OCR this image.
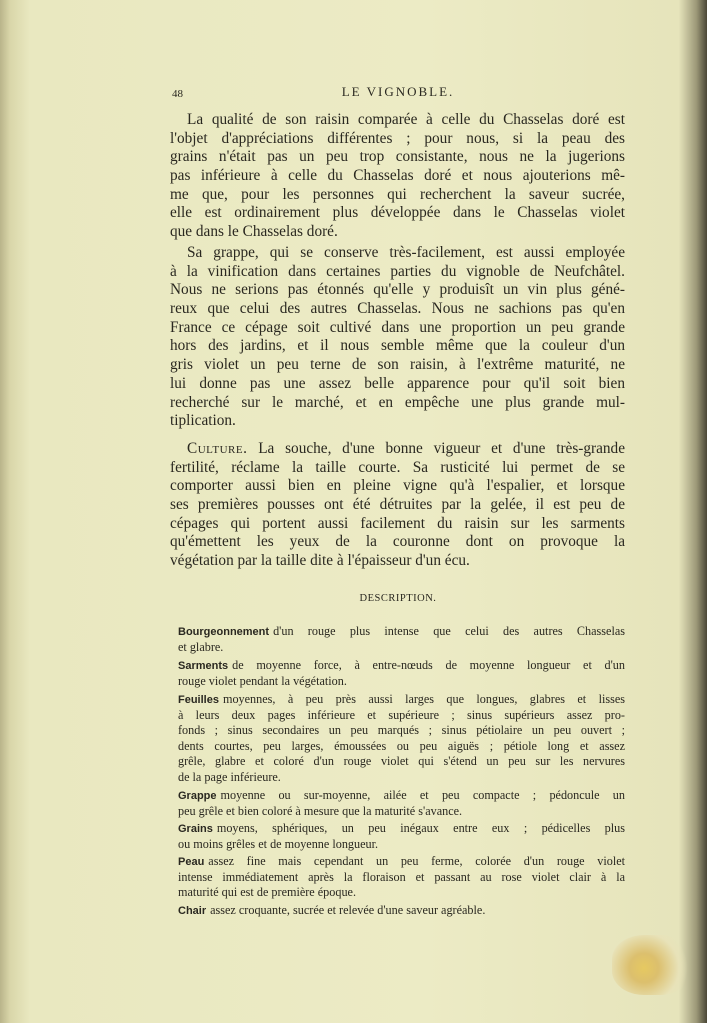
48	LE VIGNOBLE.
La qualité de son raisin comparée à celle du Chasselas doré est
l'objet d'appréciations différentes ; pour nous, si la peau des
grains n'était pas un peu trop consistante, nous ne la jugerions
pas inférieure à celle du Chasselas doré et nous ajouterions mê-
me que, pour les personnes qui recherchent la saveur sucrée,
elle est ordinairement plus développée dans le Chasselas violet
que dans le Chasselas doré.
Sa grappe, qui se conserve très-facilement, est aussi employée
à la vinification dans certaines parties du vignoble de Neufchâtel.
Nous ne serions pas étonnés qu'elle y produisît un vin plus géné-
reux que celui des autres Chasselas. Nous ne sachions pas qu'en
France ce cépage soit cultivé dans une proportion un peu grande
hors des jardins, et il nous semble même que la couleur d'un
gris violet un peu terne de son raisin, à l'extrême maturité, ne
lui donne pas une assez belle apparence pour qu'il soit bien
recherché sur le marché, et en empêche une plus grande mul-
tiplication.
Culture. La souche, d'une bonne vigueur et d'une très-grande
fertilité, réclame la taille courte. Sa rusticité lui permet de se
comporter aussi bien en pleine vigne qu'à l'espalier, et lorsque
ses premières pousses ont été détruites par la gelée, il est peu de
cépages qui portent aussi facilement du raisin sur les sarments
qu'émettent les yeux de la couronne dont on provoque la
végétation par la taille dite à l'épaisseur d'un écu.
DESCRIPTION.
Bourgeonnement d'un rouge plus intense que celui des autres Chasselas
et glabre.
Sarments de moyenne force, à entre-nœuds de moyenne longueur et d'un
rouge violet pendant la végétation.
Feuilles moyennes, à peu près aussi larges que longues, glabres et lisses
à leurs deux pages inférieure et supérieure ; sinus supérieurs assez pro-
fonds ; sinus secondaires un peu marqués ; sinus pétiolaire un peu ouvert ;
dents courtes, peu larges, émoussées ou peu aiguës ; pétiole long et assez
grêle, glabre et coloré d'un rouge violet qui s'étend un peu sur les nervures
de la page inférieure.
Grappe moyenne ou sur-moyenne, ailée et peu compacte ; pédoncule un
peu grêle et bien coloré à mesure que la maturité s'avance.
Grains moyens, sphériques, un peu inégaux entre eux ; pédicelles plus
ou moins grêles et de moyenne longueur.
Peau assez fine mais cependant un peu ferme, colorée d'un rouge violet
intense immédiatement après la floraison et passant au rose violet clair à la
maturité qui est de première époque.
Chair assez croquante, sucrée et relevée d'une saveur agréable.
